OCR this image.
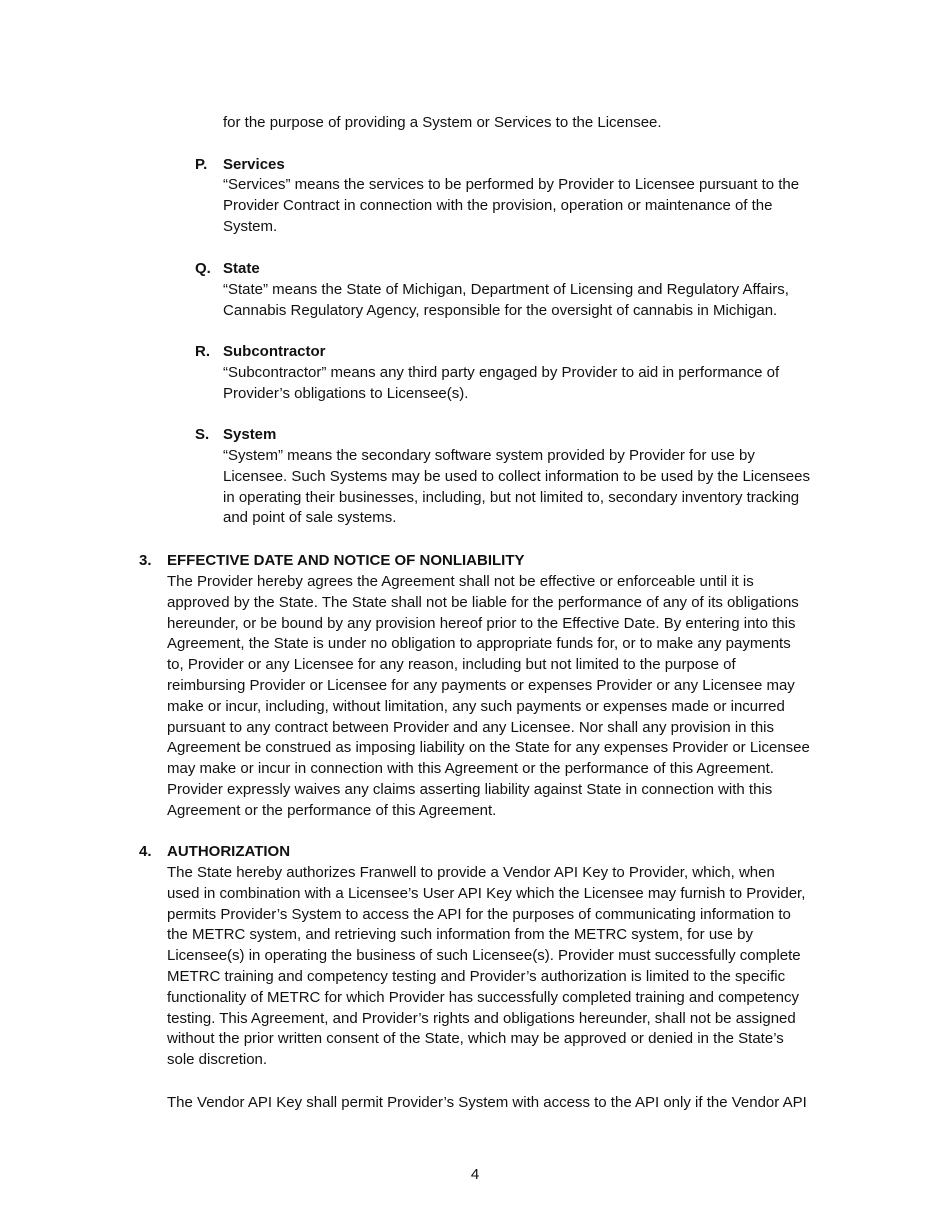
for the purpose of providing a System or Services to the Licensee.

P. Services

“Services” means the services to be performed by Provider to Licensee pursuant to the
Provider Contract in connection with the provision, operation or maintenance of the
System.

Q. State

“State” means the State of Michigan, Department of Licensing and Regulatory Affairs,
Cannabis Regulatory Agency, responsible for the oversight of cannabis in Michigan.

R. Subcontractor

“Subcontractor” means any third party engaged by Provider to aid in performance of
Provider’s obligations to Licensee(s).

S. System

“System” means the secondary software system provided by Provider for use by
Licensee. Such Systems may be used to collect information to be used by the Licensees
in operating their businesses, including, but not limited to, secondary inventory tracking
and point of sale systems.

3. EFFECTIVE DATE AND NOTICE OF NONLIABILITY

The Provider hereby agrees the Agreement shall not be effective or enforceable until it is
approved by the State. The State shall not be liable for the performance of any of its obligations
hereunder, or be bound by any provision hereof prior to the Effective Date. By entering into this
Agreement, the State is under no obligation to appropriate funds for, or to make any payments
to, Provider or any Licensee for any reason, including but not limited to the purpose of
reimbursing Provider or Licensee for any payments or expenses Provider or any Licensee may
make or incur, including, without limitation, any such payments or expenses made or incurred
pursuant to any contract between Provider and any Licensee. Nor shall any provision in this
Agreement be construed as imposing liability on the State for any expenses Provider or Licensee
may make or incur in connection with this Agreement or the performance of this Agreement.
Provider expressly waives any claims asserting liability against State in connection with this
Agreement or the performance of this Agreement.

4. AUTHORIZATION

The State hereby authorizes Franwell to provide a Vendor API Key to Provider, which, when
used in combination with a Licensee’s User API Key which the Licensee may furnish to Provider,
permits Provider’s System to access the API for the purposes of communicating information to
the METRC system, and retrieving such information from the METRC system, for use by
Licensee(s) in operating the business of such Licensee(s). Provider must successfully complete
METRC training and competency testing and Provider’s authorization is limited to the specific
functionality of METRC for which Provider has successfully completed training and competency
testing. This Agreement, and Provider’s rights and obligations hereunder, shall not be assigned
without the prior written consent of the State, which may be approved or denied in the State’s
sole discretion.

The Vendor API Key shall permit Provider’s System with access to the API only if the Vendor API

4
